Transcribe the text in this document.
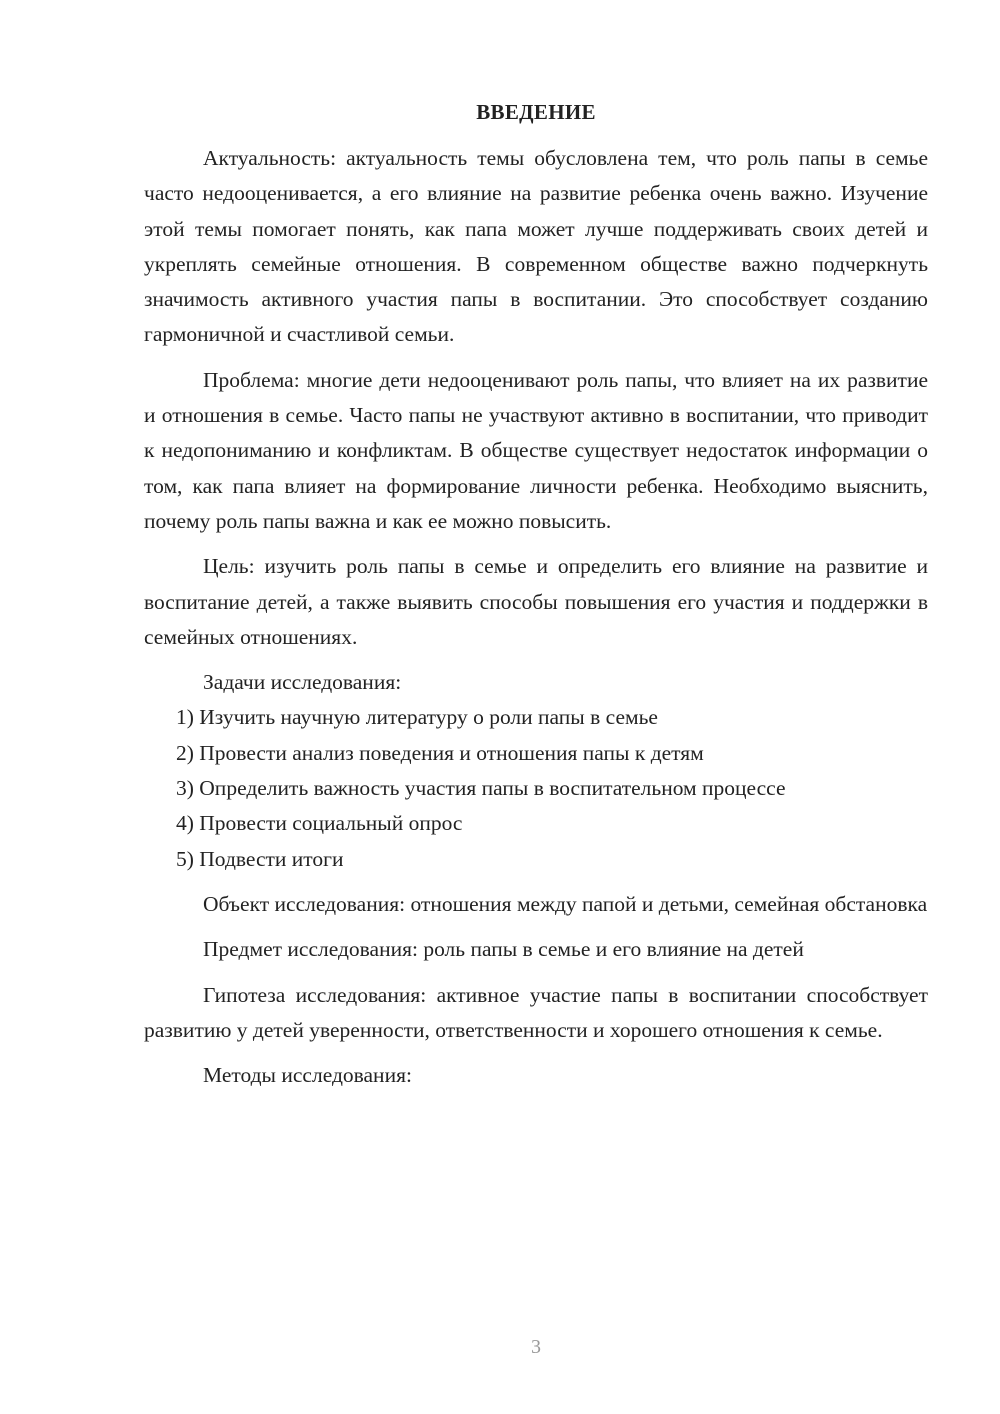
ВВЕДЕНИЕ

Актуальность: актуальность темы обусловлена тем, что роль папы в семье часто недооценивается, а его влияние на развитие ребенка очень важно. Изучение этой темы помогает понять, как папа может лучше поддерживать своих детей и укреплять семейные отношения. В современном обществе важно подчеркнуть значимость активного участия папы в воспитании. Это способствует созданию гармоничной и счастливой семьи.

Проблема: многие дети недооценивают роль папы, что влияет на их развитие и отношения в семье. Часто папы не участвуют активно в воспитании, что приводит к недопониманию и конфликтам. В обществе существует недостаток информации о том, как папа влияет на формирование личности ребенка. Необходимо выяснить, почему роль папы важна и как ее можно повысить.

Цель: изучить роль папы в семье и определить его влияние на развитие и воспитание детей, а также выявить способы повышения его участия и поддержки в семейных отношениях.

Задачи исследования:

1) Изучить научную литературу о роли папы в семье

2) Провести анализ поведения и отношения папы к детям

3) Определить важность участия папы в воспитательном процессе

4) Провести социальный опрос

5) Подвести итоги

Объект исследования: отношения между папой и детьми, семейная обстановка

Предмет исследования: роль папы в семье и его влияние на детей

Гипотеза исследования: активное участие папы в воспитании способствует развитию у детей уверенности, ответственности и хорошего отношения к семье.

Методы исследования:

3
